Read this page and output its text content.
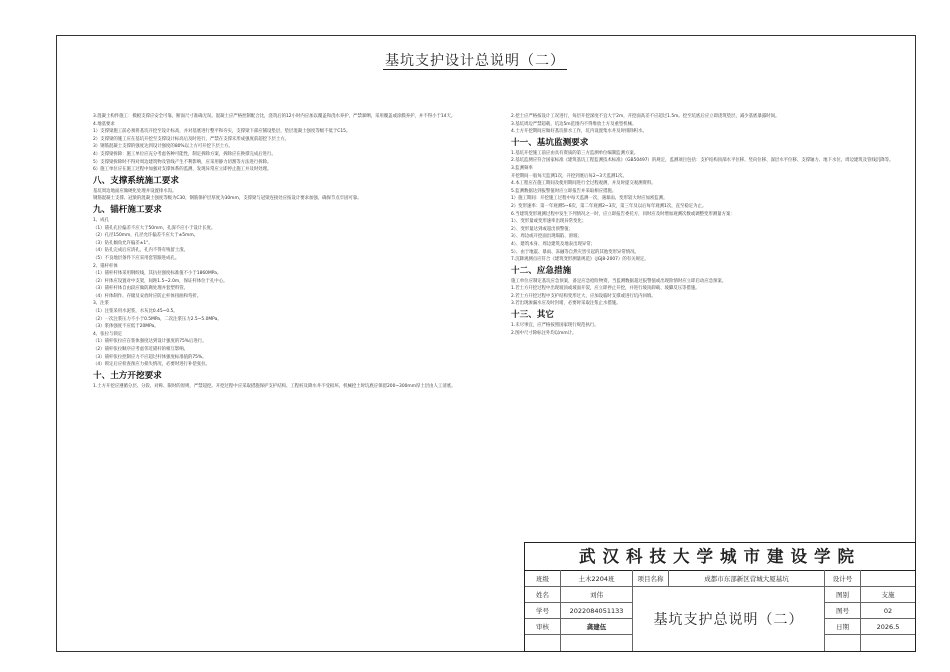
基坑支护设计总说明（二）

3.混凝土构件施工：模板支撑应安全可靠，断面尺寸准确无误。混凝土应严格控制配合比，浇筑后的12小时内应加以覆盖和浇水养护，严禁暴晒，采用覆盖或涂膜养护，并不得小于14天。

4.地基要求

1）支撑梁施工前必须将基坑开挖至设计标高，并对基底进行整平和夯实，支撑梁下部应铺设垫层，垫层混凝土强度等级不低于C15。

2）支撑梁的施工应在基坑开挖至支撑设计标高后及时进行，严禁在支撑未形成强度前超挖下层土方。

3）钢筋混凝土支撑的强度达到设计强度的80%以上方可开挖下层土方。

4）支撑梁拆除：施工单位应充分考虑各种可能性，制定拆除方案，拆除应在换撑完成后进行。

5）支撑梁拆除时不得对周边建筑物及管线产生不利影响，应采用静力切割等方法进行拆除。

6）施工单位应在施工过程中加强对支撑体系的监测，发现异常应立即停止施工并及时处理。

八、支撑系统施工要求

基坑周边地面应做硬化处理并设置排水沟。

钢筋混凝土支撑、冠梁的混凝土强度等级为C30，钢筋保护层厚度为30mm，支撑梁与冠梁连接处应按设计要求加强，确保节点牢固可靠。

九、锚杆施工要求

1、成孔

（1）锚孔孔位偏差不应大于50mm，孔深不应小于设计长度。

（2）孔径150mm，孔径允许偏差不应大于±5mm。

（3）钻孔倾角允许偏差±1°。

（4）钻孔完成后应清孔，孔内不得有残留土渣。

（5）不良地层条件下应采用套管跟进成孔。

2、锚杆杆体

（1）锚杆杆体采用钢绞线，其抗拉强度标准值不小于1860MPa。

（2）杆体应设置对中支架，间距1.5~2.0m，保证杆体位于孔中心。

（3）锚杆杆体自由段应做防腐处理并套塑料管。

（4）杆体制作、存储及安放时应防止杆体扭曲和弯折。

3、注浆

（1）注浆采用水泥浆，水灰比0.45~0.5。

（2）一次注浆压力不小于0.5MPa，二次注浆压力2.5~5.0MPa。

（3）浆体强度不应低于20MPa。

4、张拉与锁定

（1）锚杆张拉应在浆体强度达到设计强度的75%后进行。

（2）锚杆张拉顺序应考虑邻近锚杆的相互影响。

（3）锚杆张拉控制应力不应超过杆体强度标准值的75%。

（4）锁定后应检查预应力损失情况，必要时进行补偿张拉。

十、土方开挖要求

1.土方开挖应遵循分层、分段、对称、限时的原则，严禁超挖。开挖过程中应采取措施保护支护结构、工程桩及降水井不受损坏。机械挖土时坑底应保留200~300mm厚土层由人工清底。

2.挖土应严格按设计工况进行，每层开挖深度不宜大于2m，开挖面高差不应超过1.5m。挖至坑底后应立即浇筑垫层，减少基底暴露时间。

3.基坑周边严禁超载，坑边5m范围内不得堆放土方及重型机械。

4.土方开挖期间应做好基坑排水工作，坑内设置集水井及时排除积水。

十一、基坑监测要求

1.基坑开挖施工前应由具有资质的第三方监测单位编制监测方案。

2.基坑监测应符合国家标准《建筑基坑工程监测技术标准》（GB50497）的规定，监测项目包括：支护结构顶部水平位移、竖向位移、深层水平位移、支撑轴力、地下水位、周边建筑及管线沉降等。

3.监测频率

开挖期间一般每天监测1次，开挖到底后每2~3天监测1次。

4.本工程应在施工期间及使用期间进行全过程观测，并及时提交观测资料。

5.监测数据达到报警值时应立即报告并采取相应措施。

1）施工期间：开挖施工过程中每天监测一次，遇暴雨、变形较大时应加密监测。

2）变形速率：第一年观测5~6次，第二年观测2~3次，第三年及以后每年观测1次，直至稳定为止。

6.当建筑变形观测过程中发生下列情况之一时，应立即报告委托方，同时应及时增加观测次数或调整变形测量方案：

1）、变形量或变形速率出现异常变化；

2）、变形量达到或超出预警值；

3）、周边或开挖面出现塌陷、滑坡；

4）、建筑本身、周边建筑及地表出现异常；

5）、由于地震、暴雨、冻融等自然灾害引起的其他变形异常情况。

7.沉降观测点应符合《建筑变形测量规范》（JGJ8-2007）的有关规定。

十二、应急措施

施工单位应制定基坑应急预案，备足应急抢险物资，当监测数据超过报警值或出现险情时应立即启动应急预案。

1.若土方开挖过程中出现坡顶或坡面开裂，应立即停止开挖，并进行坡顶卸载、坡脚反压等措施。

2.若土方开挖过程中支护结构变形过大，应加设临时支撑或进行坑内回填。

3.若出现渗漏水应及时封堵，必要时采取注浆止水措施。

十三、其它

1.未尽事宜，应严格按照国家现行规范执行。

2.图中尺寸除标注外均以mm计。

武汉科技大学城市建设学院
班级	土木2204班	项目名称	成都市东部新区营城大厦基坑	设计号
姓名	刘伟
基坑支护总说明（二）
图别	支施
学号	2022084051133	图号	02
审核	龚建伍	日期	2026.5
